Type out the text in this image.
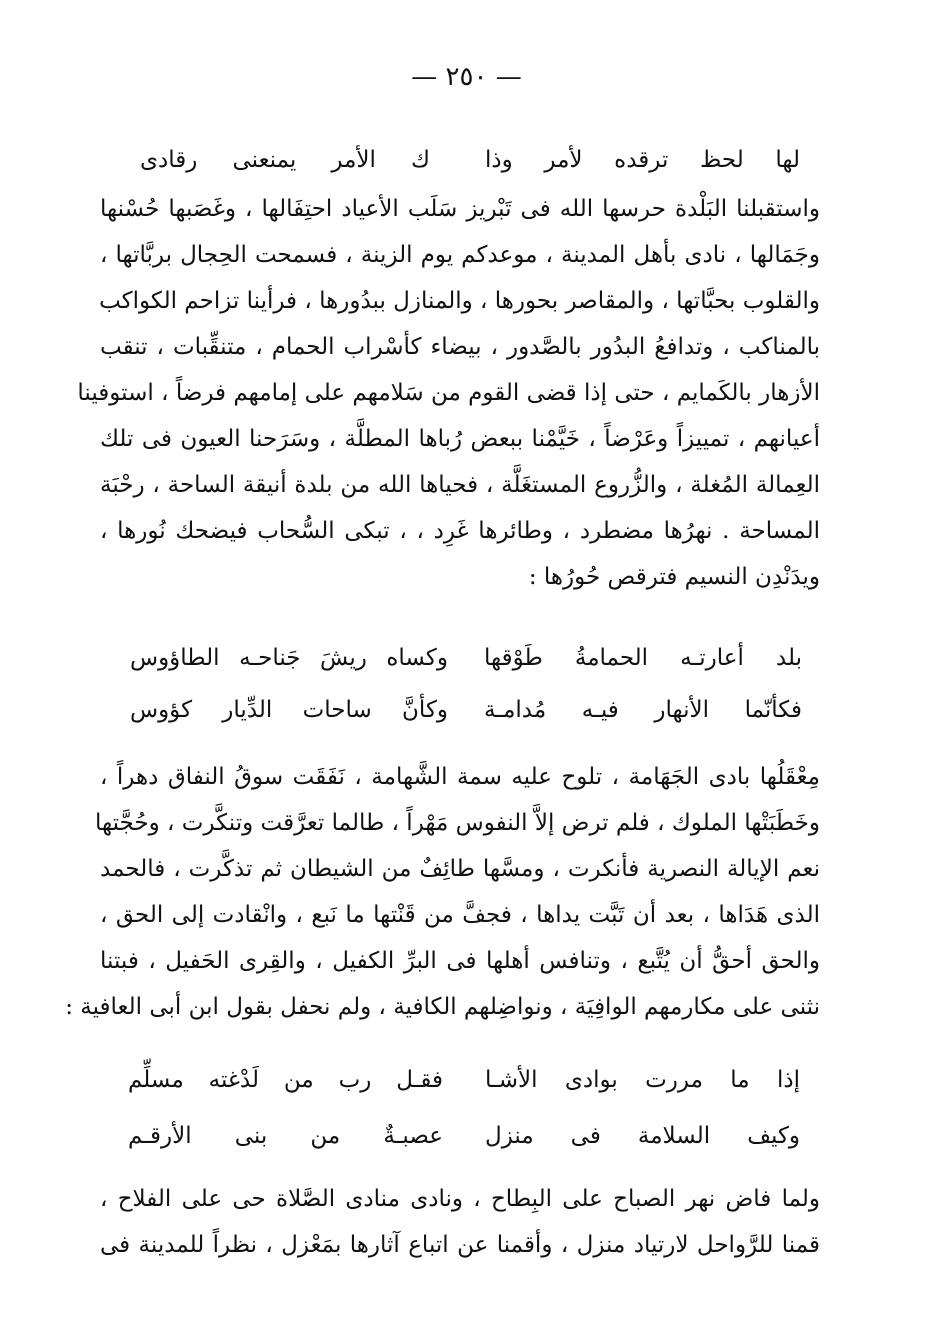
— ٢٥٠ —
لها لحظ ترقده لأمر وذا
ك الأمر يمنعنى رقادى
واستقبلنا البَلْدة حرسها الله فى تَبْريز سَلَب الأعياد احتِفَالها ، وغَصَبها حُسْنها
وجَمَالها ، نادى بأهل المدينة ، موعدكم يوم الزينة ، فسمحت الحِجال بربَّاتها ،
والقلوب بحبَّاتها ، والمقاصر بحورها ، والمنازل ببدُورها ، فرأينا تزاحم الكواكب
بالمناكب ، وتدافعُ البدُور بالصَّدور ، بيضاء كأسْراب الحمام ، متنقِّبات ، تنقب
الأزهار بالكَمايم ، حتى إذا قضى القوم من سَلامهم على إمامهم فرضاً ، استوفينا
أعيانهم ، تمييزاً وعَرْضاً ، خَيَّمْنا ببعض رُباها المطلَّة ، وسَرَحنا العيون فى تلك
العِمالة المُغلة ، والزُّروع المستغَلَّة ، فحياها الله من بلدة أنيقة الساحة ، رحْبَة
المساحة . نهرُها مضطرد ، وطائرها غَرِد ، ، تبكى السُّحاب فيضحك نُورها ،
ويدَنْدِن النسيم فترقص حُورُها :
بلد أعارتـه الحمامةُ طَوْقها
وكساه ريشَ جَناحـه الطاؤوس
فكأنّما الأنهار فيـه مُدامـة
وكأنَّ ساحات الدِّيار كؤوس
مِعْقَلُها بادى الجَهَامة ، تلوح عليه سمة الشَّهامة ، نَفَقَت سوقُ النفاق دهراً ،
وخَطَبَتْها الملوك ، فلم ترض إلاَّ النفوس مَهْراً ، طالما تعرَّقت وتنكَّرت ، وحُجَّتها
نعم الإيالة النصرية فأنكرت ، ومسَّها طائِفٌ من الشيطان ثم تذكَّرت ، فالحمد
الذى هَدَاها ، بعد أن تَبَّت يداها ، فجفَّ من قَنْتها ما نَبع ، وانْقادت إلى الحق ،
والحق أحقُّ أن يُتَّبع ، وتنافس أهلها فى البرِّ الكفيل ، والقِرى الحَفيل ، فبتنا
نثنى على مكارمهم الوافِيَة ، ونواضِلهم الكافية ، ولم نحفل بقول ابن أبى العافية :
إذا ما مررت بوادى الأشـا
فقـل رب من لَدْغته مسلِّم
وكيف السلامة فى منزل
عصبـةٌ من بنى الأرقـم
ولما فاض نهر الصباح على البِطاح ، ونادى منادى الصَّلاة حى على الفلاح ،
قمنا للرَّواحل لارتياد منزل ، وأقمنا عن اتباع آثارها بمَعْزل ، نظراً للمدينة فى
